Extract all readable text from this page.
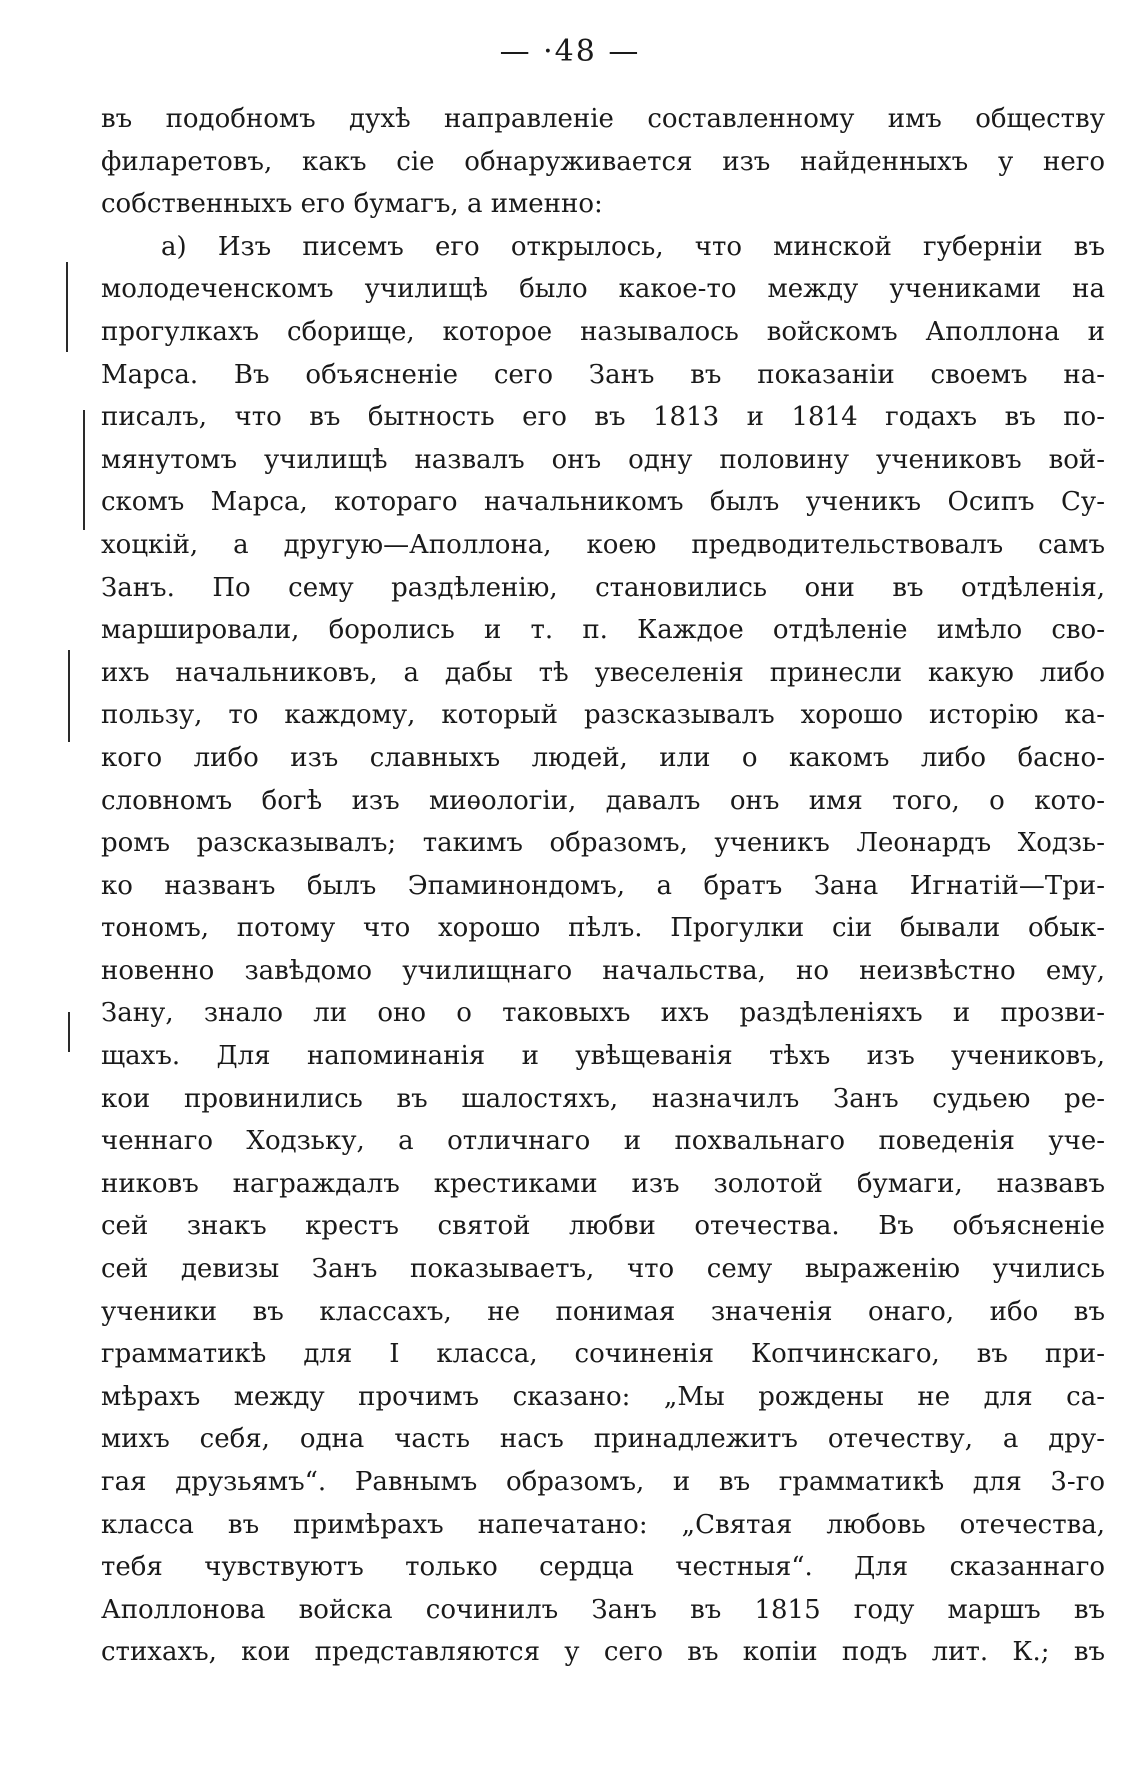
— ·48 —
въ подобномъ духѣ направленіе составленному имъ обществу
филаретовъ, какъ сіе обнаруживается изъ найденныхъ у него
собственныхъ его бумагъ, а именно:
а) Изъ писемъ его открылось, что минской губерніи въ
молодеченскомъ училищѣ было какое-то между учениками на
прогулкахъ сборище, которое называлось войскомъ Аполлона и
Марса. Въ объясненіе сего Занъ въ показаніи своемъ на-
писалъ, что въ бытность его въ 1813 и 1814 годахъ въ по-
мянутомъ училищѣ назвалъ онъ одну половину учениковъ вой-
скомъ Марса, котораго начальникомъ былъ ученикъ Осипъ Су-
хоцкій, а другую—Аполлона, коею предводительствовалъ самъ
Занъ. По сему раздѣленію, становились они въ отдѣленія,
маршировали, боролись и т. п. Каждое отдѣленіе имѣло сво-
ихъ начальниковъ, а дабы тѣ увеселенія принесли какую либо
пользу, то каждому, который разсказывалъ хорошо исторію ка-
кого либо изъ славныхъ людей, или о какомъ либо басно-
словномъ богѣ изъ миѳологіи, давалъ онъ имя того, о кото-
ромъ разсказывалъ; такимъ образомъ, ученикъ Леонардъ Ходзь-
ко названъ былъ Эпаминондомъ, а братъ Зана Игнатій—Три-
тономъ, потому что хорошо пѣлъ. Прогулки сіи бывали обык-
новенно завѣдомо училищнаго начальства, но неизвѣстно ему,
Зану, знало ли оно о таковыхъ ихъ раздѣленіяхъ и прозви-
щахъ. Для напоминанія и увѣщеванія тѣхъ изъ учениковъ,
кои провинились въ шалостяхъ, назначилъ Занъ судьею ре-
ченнаго Ходзьку, а отличнаго и похвальнаго поведенія уче-
никовъ награждалъ крестиками изъ золотой бумаги, назвавъ
сей знакъ крестъ святой любви отечества. Въ объясненіе
сей девизы Занъ показываетъ, что сему выраженію учились
ученики въ классахъ, не понимая значенія онаго, ибо въ
грамматикѣ для I класса, сочиненія Копчинскаго, въ при-
мѣрахъ между прочимъ сказано: „Мы рождены не для са-
михъ себя, одна часть насъ принадлежитъ отечеству, а дру-
гая друзьямъ“. Равнымъ образомъ, и въ грамматикѣ для 3-го
класса въ примѣрахъ напечатано: „Святая любовь отечества,
тебя чувствуютъ только сердца честныя“. Для сказаннаго
Аполлонова войска сочинилъ Занъ въ 1815 году маршъ въ
стихахъ, кои представляются у сего въ копіи подъ лит. К.; въ
